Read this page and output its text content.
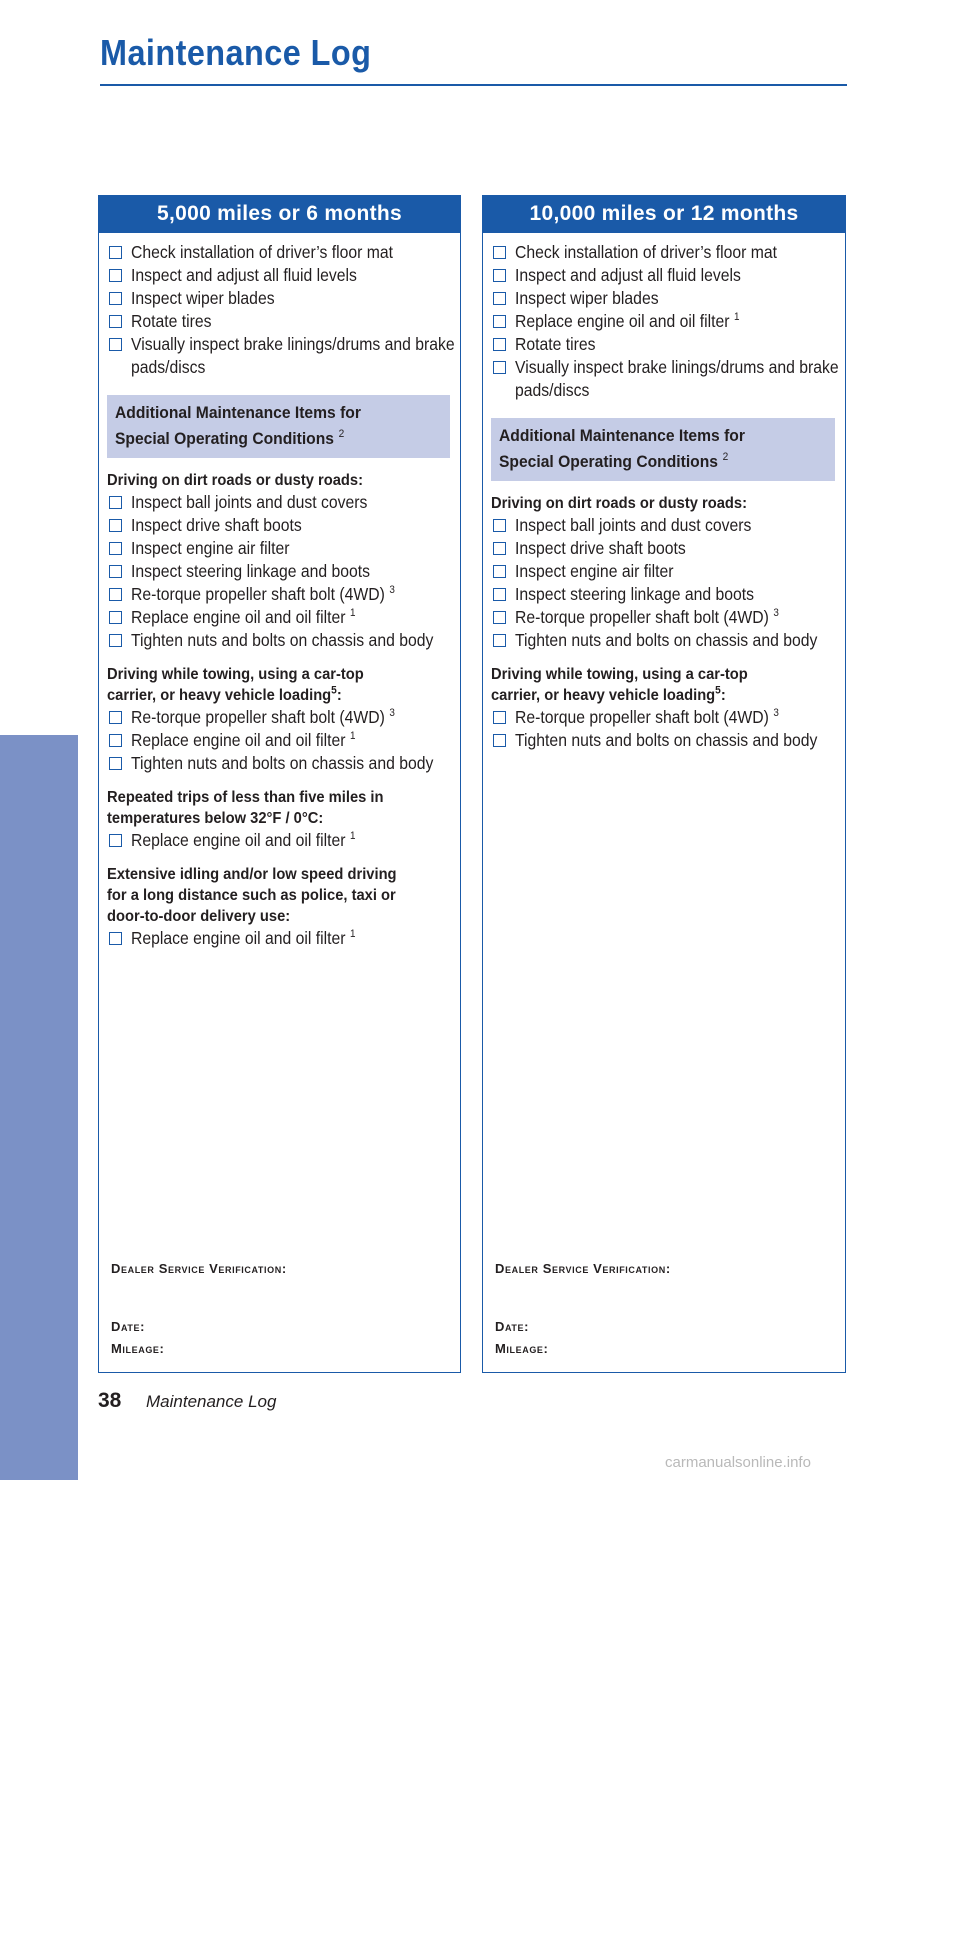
Maintenance Log
5,000 miles or 6 months
Check installation of driver’s floor mat
Inspect and adjust all fluid levels
Inspect wiper blades
Rotate tires
Visually inspect brake linings/drums and brake pads/discs
Additional Maintenance Items for
Special Operating Conditions $^2$
Driving on dirt roads or dusty roads:

Inspect ball joints and dust covers
Inspect drive shaft boots
Inspect engine air filter
Inspect steering linkage and boots
Re-torque propeller shaft bolt (4WD) $^3$
Replace engine oil and oil filter $^1$
Tighten nuts and bolts on chassis and body
Driving while towing, using a car-top
carrier, or heavy vehicle loading$^5$:

Re-torque propeller shaft bolt (4WD) $^3$
Replace engine oil and oil filter $^1$
Tighten nuts and bolts on chassis and body
Repeated trips of less than five miles in
temperatures below 32°F / 0°C:

Replace engine oil and oil filter $^1$
Extensive idling and/or low speed driving
for a long distance such as police, taxi or
door-to-door delivery use:

Replace engine oil and oil filter $^1$
Dealer Service Verification:
Date:
Mileage:
10,000 miles or 12 months
Check installation of driver’s floor mat
Inspect and adjust all fluid levels
Inspect wiper blades
Replace engine oil and oil filter $^1$
Rotate tires
Visually inspect brake linings/drums and brake pads/discs
Additional Maintenance Items for
Special Operating Conditions $^2$
Driving on dirt roads or dusty roads:

Inspect ball joints and dust covers
Inspect drive shaft boots
Inspect engine air filter
Inspect steering linkage and boots
Re-torque propeller shaft bolt (4WD) $^3$
Tighten nuts and bolts on chassis and body
Driving while towing, using a car-top
carrier, or heavy vehicle loading$^5$:

Re-torque propeller shaft bolt (4WD) $^3$
Tighten nuts and bolts on chassis and body
Dealer Service Verification:
Date:
Mileage:
MAINTENANCE
38 Maintenance Log
carmanualsonline.info
